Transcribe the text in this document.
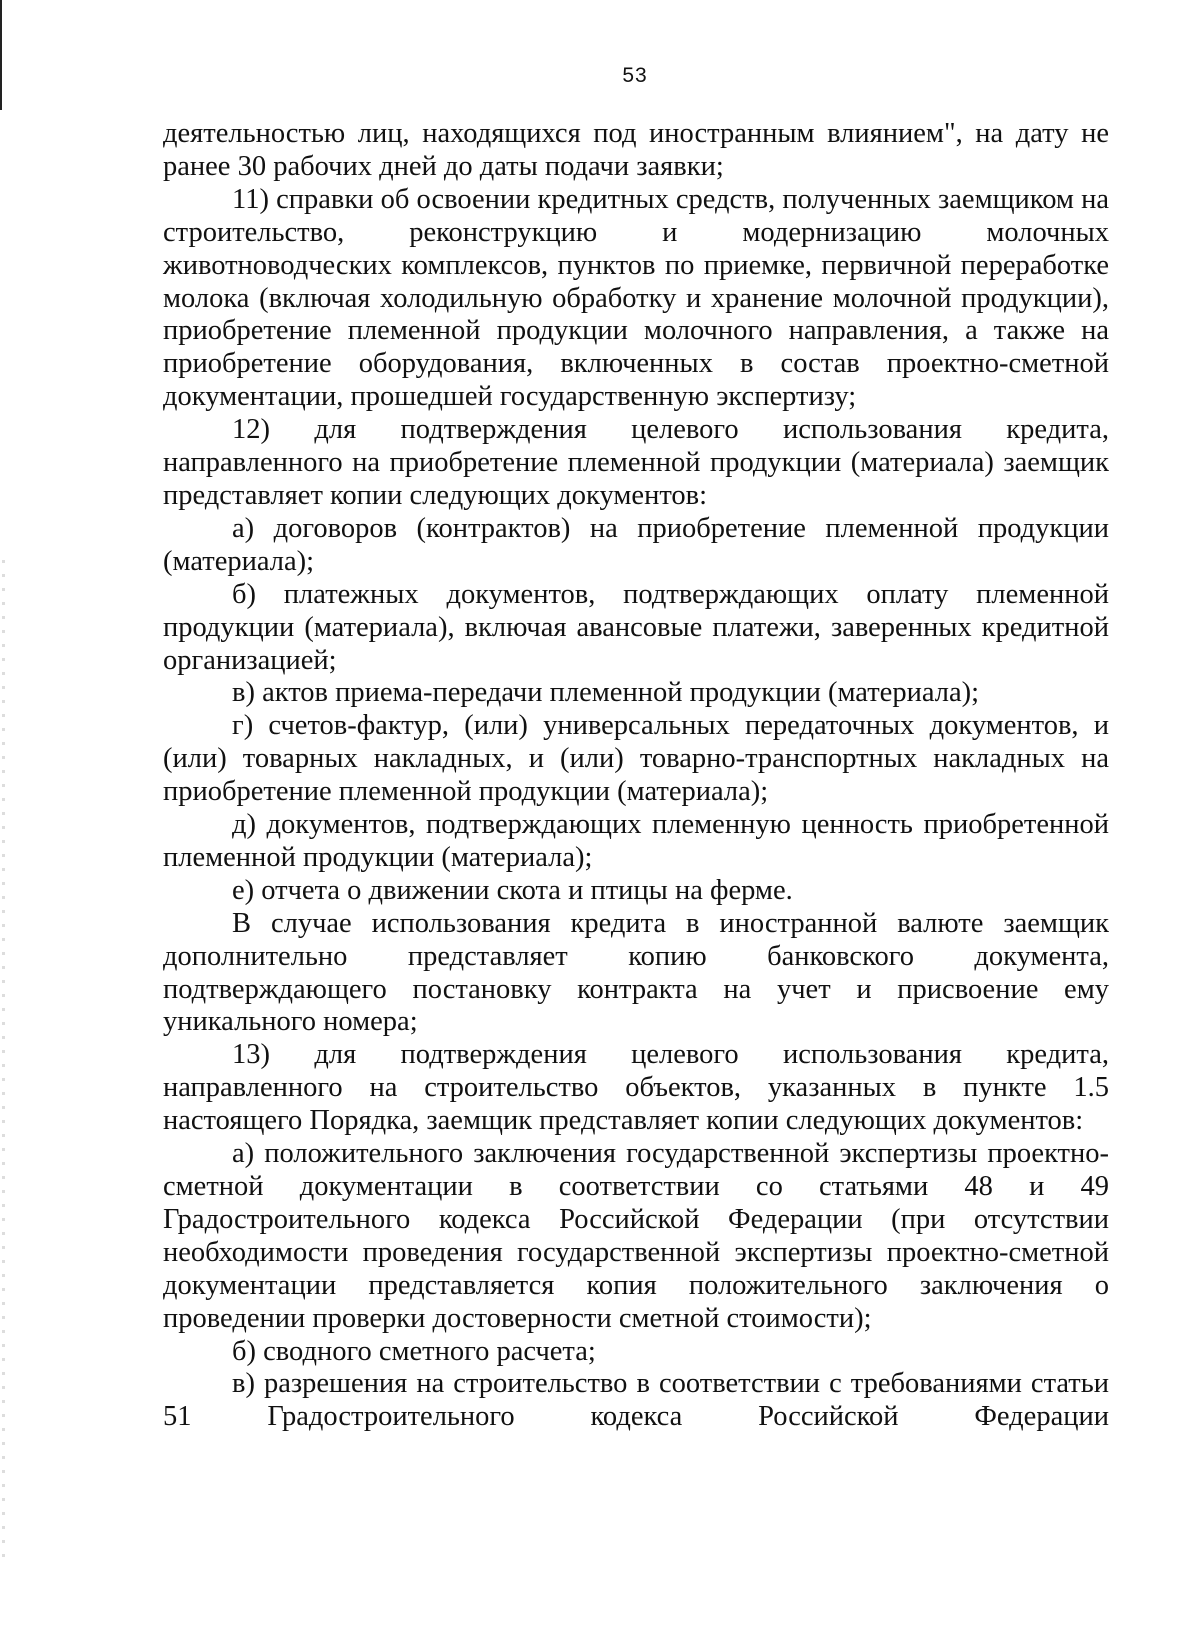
53

деятельностью лиц, находящихся под иностранным влиянием", на дату не ранее 30 рабочих дней до даты подачи заявки;

11) справки об освоении кредитных средств, полученных заемщиком на строительство, реконструкцию и модернизацию молочных животноводческих комплексов, пунктов по приемке, первичной переработке молока (включая холодильную обработку и хранение молочной продукции), приобретение племенной продукции молочного направления, а также на приобретение оборудования, включенных в состав проектно-сметной документации, прошедшей государственную экспертизу;

12) для подтверждения целевого использования кредита, направленного на приобретение племенной продукции (материала) заемщик представляет копии следующих документов:

а) договоров (контрактов) на приобретение племенной продукции (материала);

б) платежных документов, подтверждающих оплату племенной продукции (материала), включая авансовые платежи, заверенных кредитной организацией;

в) актов приема-передачи племенной продукции (материала);

г) счетов-фактур, (или) универсальных передаточных документов, и (или) товарных накладных, и (или) товарно-транспортных накладных на приобретение племенной продукции (материала);

д) документов, подтверждающих племенную ценность приобретенной племенной продукции (материала);

е) отчета о движении скота и птицы на ферме.

В случае использования кредита в иностранной валюте заемщик дополнительно представляет копию банковского документа, подтверждающего постановку контракта на учет и присвоение ему уникального номера;

13) для подтверждения целевого использования кредита, направленного на строительство объектов, указанных в пункте 1.5 настоящего Порядка, заемщик представляет копии следующих документов:

а) положительного заключения государственной экспертизы проектно-сметной документации в соответствии со статьями 48 и 49 Градостроительного кодекса Российской Федерации (при отсутствии необходимости проведения государственной экспертизы проектно-сметной документации представляется копия положительного заключения о проведении проверки достоверности сметной стоимости);

б) сводного сметного расчета;

в) разрешения на строительство в соответствии с требованиями статьи 51 Градостроительного кодекса Российской Федерации
